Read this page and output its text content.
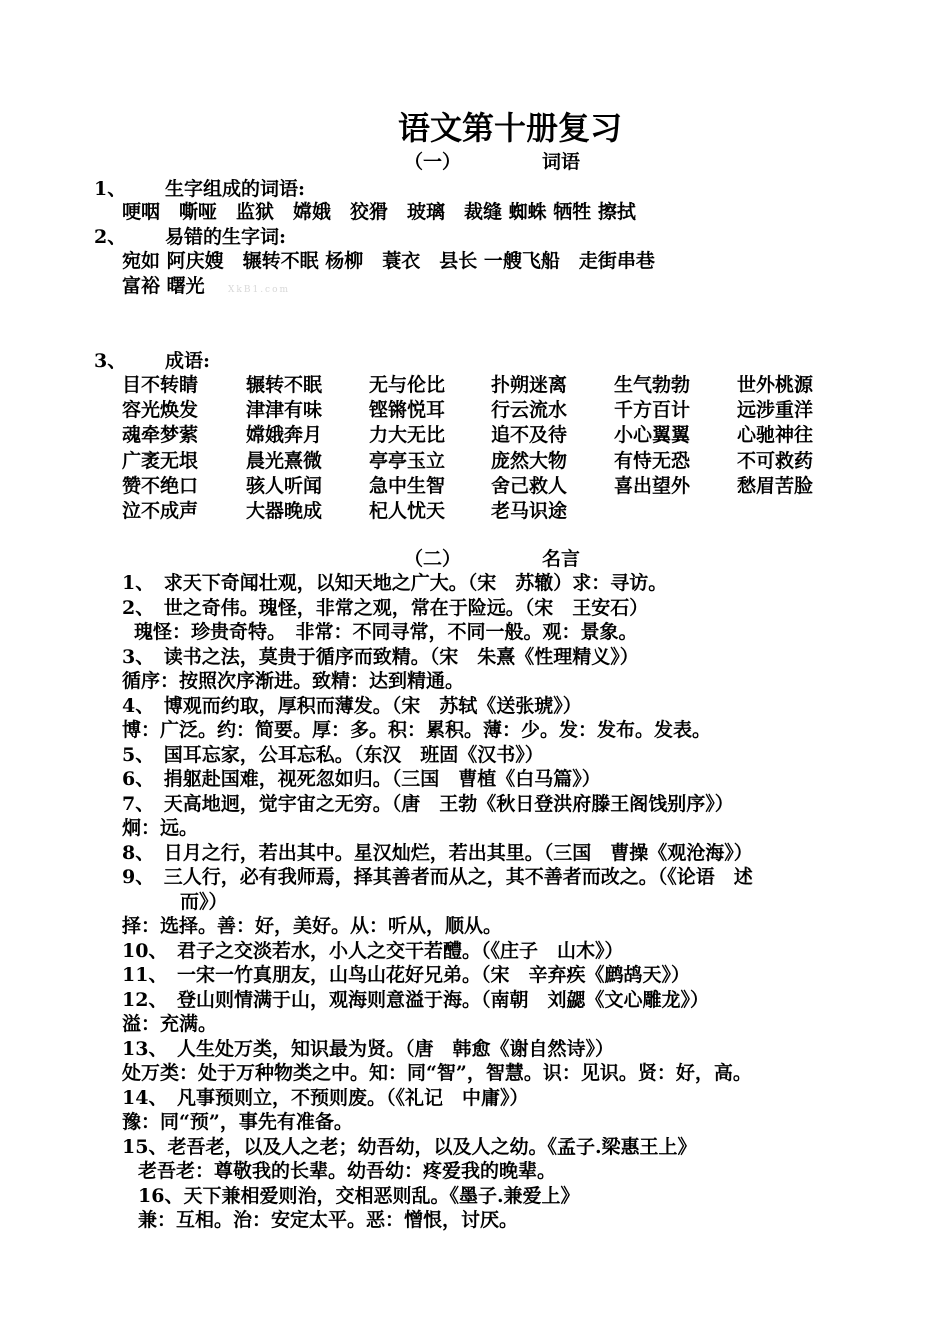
语文第十册复习
（一）	词语
1、 生字组成的词语:
哽咽　嘶哑　监狱　嫦娥　狡猾　玻璃　裁缝 蜘蛛 牺牲 擦拭
2、 易错的生字词:
宛如 阿庆嫂　辗转不眠 杨柳　蓑衣　县长 一艘飞船　走街串巷
富裕 曙光	XkB1.com
3、 成语:
目不转睛	辗转不眠 无与伦比 扑朔迷离 生气勃勃 世外桃源
容光焕发	津津有味 铿锵悦耳 行云流水 千方百计 远涉重洋
魂牵梦萦	嫦娥奔月 力大无比 追不及待 小心翼翼 心驰神往
广袤无垠	晨光熹微 亭亭玉立 庞然大物 有恃无恐 不可救药
赞不绝口	骇人听闻 急中生智 舍己救人 喜出望外 愁眉苦脸
泣不成声	大器晚成 杞人忧天 老马识途
（二）	名言
1、　求天下奇闻壮观，以知天地之广大。（宋　苏辙）求：寻访。
2、　世之奇伟。瑰怪，非常之观，常在于险远。（宋　王安石）
瑰怪：珍贵奇特。　非常：不同寻常，不同一般。观：景象。
3、　读书之法，莫贵于循序而致精。（宋　朱熹《性理精义》）
循序：按照次序渐进。致精：达到精通。
4、　博观而约取，厚积而薄发。（宋　苏轼《送张琥》）
博：广泛。约：简要。厚：多。积：累积。薄：少。发：发布。发表。
5、　国耳忘家，公耳忘私。（东汉　班固《汉书》）
6、　捐躯赴国难，视死忽如归。（三国　曹植《白马篇》）
7、　天高地迥，觉宇宙之无穷。（唐　王勃《秋日登洪府滕王阁饯别序》）
炯：远。
8、　日月之行，若出其中。星汉灿烂，若出其里。（三国　曹操《观沧海》）
9、　三人行，必有我师焉，择其善者而从之，其不善者而改之。（《论语　述
而》）
择：选择。善：好，美好。从：听从，顺从。
10、　君子之交淡若水，小人之交干若醴。（《庄子　山木》）
11、　一宋一竹真朋友，山鸟山花好兄弟。（宋　辛弃疾《鹧鸪天》）
12、　登山则情满于山，观海则意溢于海。（南朝　刘勰《文心雕龙》）
溢：充满。
13、　人生处万类，知识最为贤。（唐　韩愈《谢自然诗》）
处万类：处于万种物类之中。知：同“智”，智慧。识：见识。贤：好，高。
14、　凡事预则立，不预则废。（《礼记　中庸》）
豫：同“预”，事先有准备。
15、老吾老，以及人之老；幼吾幼，以及人之幼。《孟子.梁惠王上》
老吾老：尊敬我的长辈。幼吾幼：疼爱我的晚辈。
16、天下兼相爱则治，交相恶则乱。《墨子.兼爱上》
兼：互相。治：安定太平。恶：憎恨，讨厌。
